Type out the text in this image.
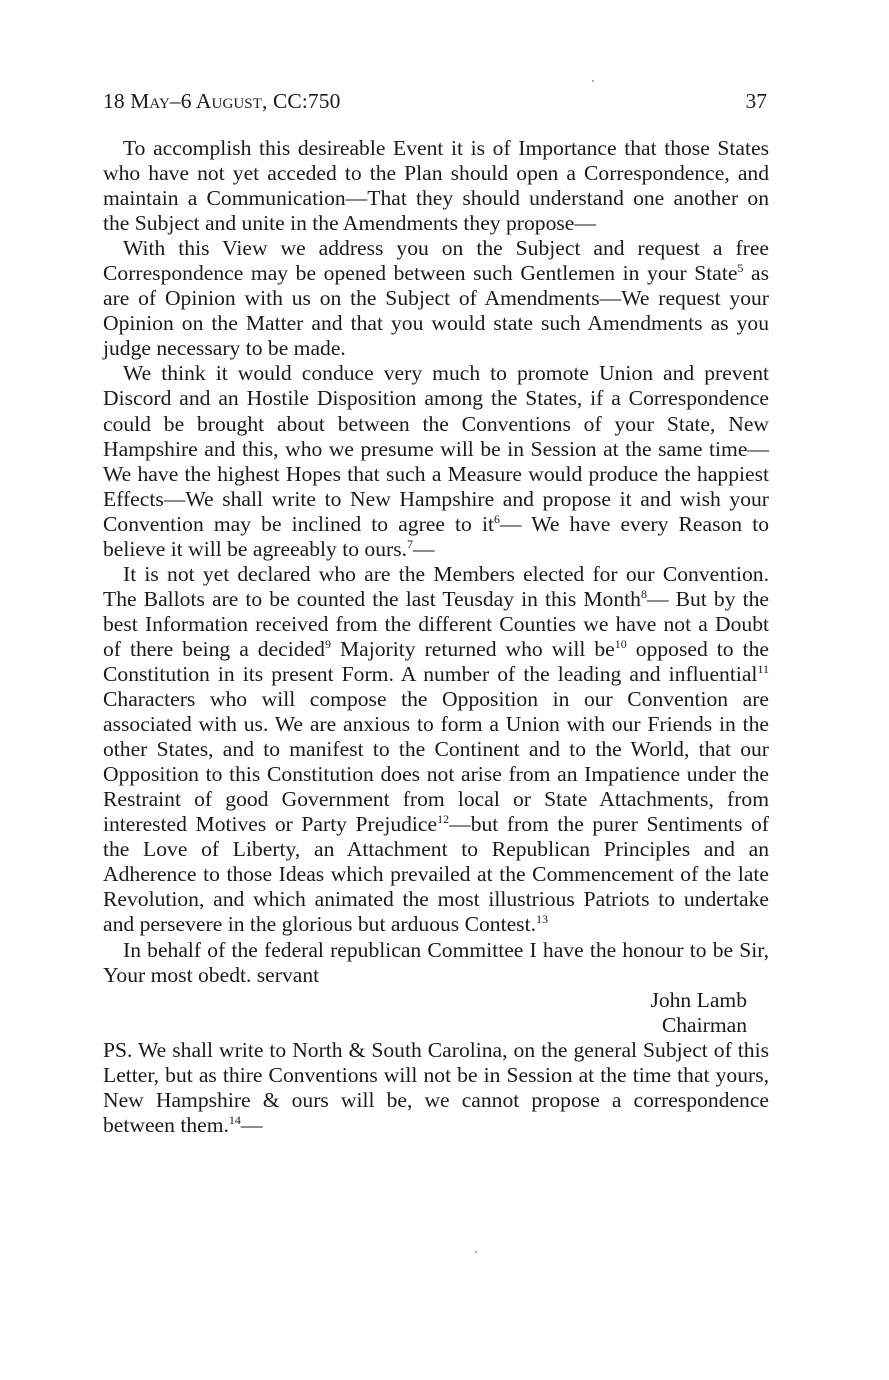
18 May–6 August, CC:750	37

To accomplish this desireable Event it is of Importance that those States who have not yet acceded to the Plan should open a Correspondence, and maintain a Communication—That they should understand one another on the Subject and unite in the Amendments they propose—

With this View we address you on the Subject and request a free Correspondence may be opened between such Gentlemen in your State$^5$ as are of Opinion with us on the Subject of Amendments—We request your Opinion on the Matter and that you would state such Amendments as you judge necessary to be made.

We think it would conduce very much to promote Union and prevent Discord and an Hostile Disposition among the States, if a Correspondence could be brought about between the Conventions of your State, New Hampshire and this, who we presume will be in Session at the same time—We have the highest Hopes that such a Measure would produce the happiest Effects—We shall write to New Hampshire and propose it and wish your Convention may be inclined to agree to it$^6$— We have every Reason to believe it will be agreeably to ours.$^7$—

It is not yet declared who are the Members elected for our Convention. The Ballots are to be counted the last Teusday in this Month$^8$— But by the best Information received from the different Counties we have not a Doubt of there being a decided$^9$ Majority returned who will be$^{10}$ opposed to the Constitution in its present Form. A number of the leading and influential$^{11}$ Characters who will compose the Opposition in our Convention are associated with us. We are anxious to form a Union with our Friends in the other States, and to manifest to the Continent and to the World, that our Opposition to this Constitution does not arise from an Impatience under the Restraint of good Government from local or State Attachments, from interested Motives or Party Prejudice$^{12}$—but from the purer Sentiments of the Love of Liberty, an Attachment to Republican Principles and an Adherence to those Ideas which prevailed at the Commencement of the late Revolution, and which animated the most illustrious Patriots to undertake and persevere in the glorious but arduous Contest.$^{13}$

In behalf of the federal republican Committee I have the honour to be Sir, Your most obedt. servant

John Lamb
Chairman

PS. We shall write to North & South Carolina, on the general Subject of this Letter, but as thire Conventions will not be in Session at the time that yours, New Hampshire & ours will be, we cannot propose a correspondence between them.$^{14}$—
